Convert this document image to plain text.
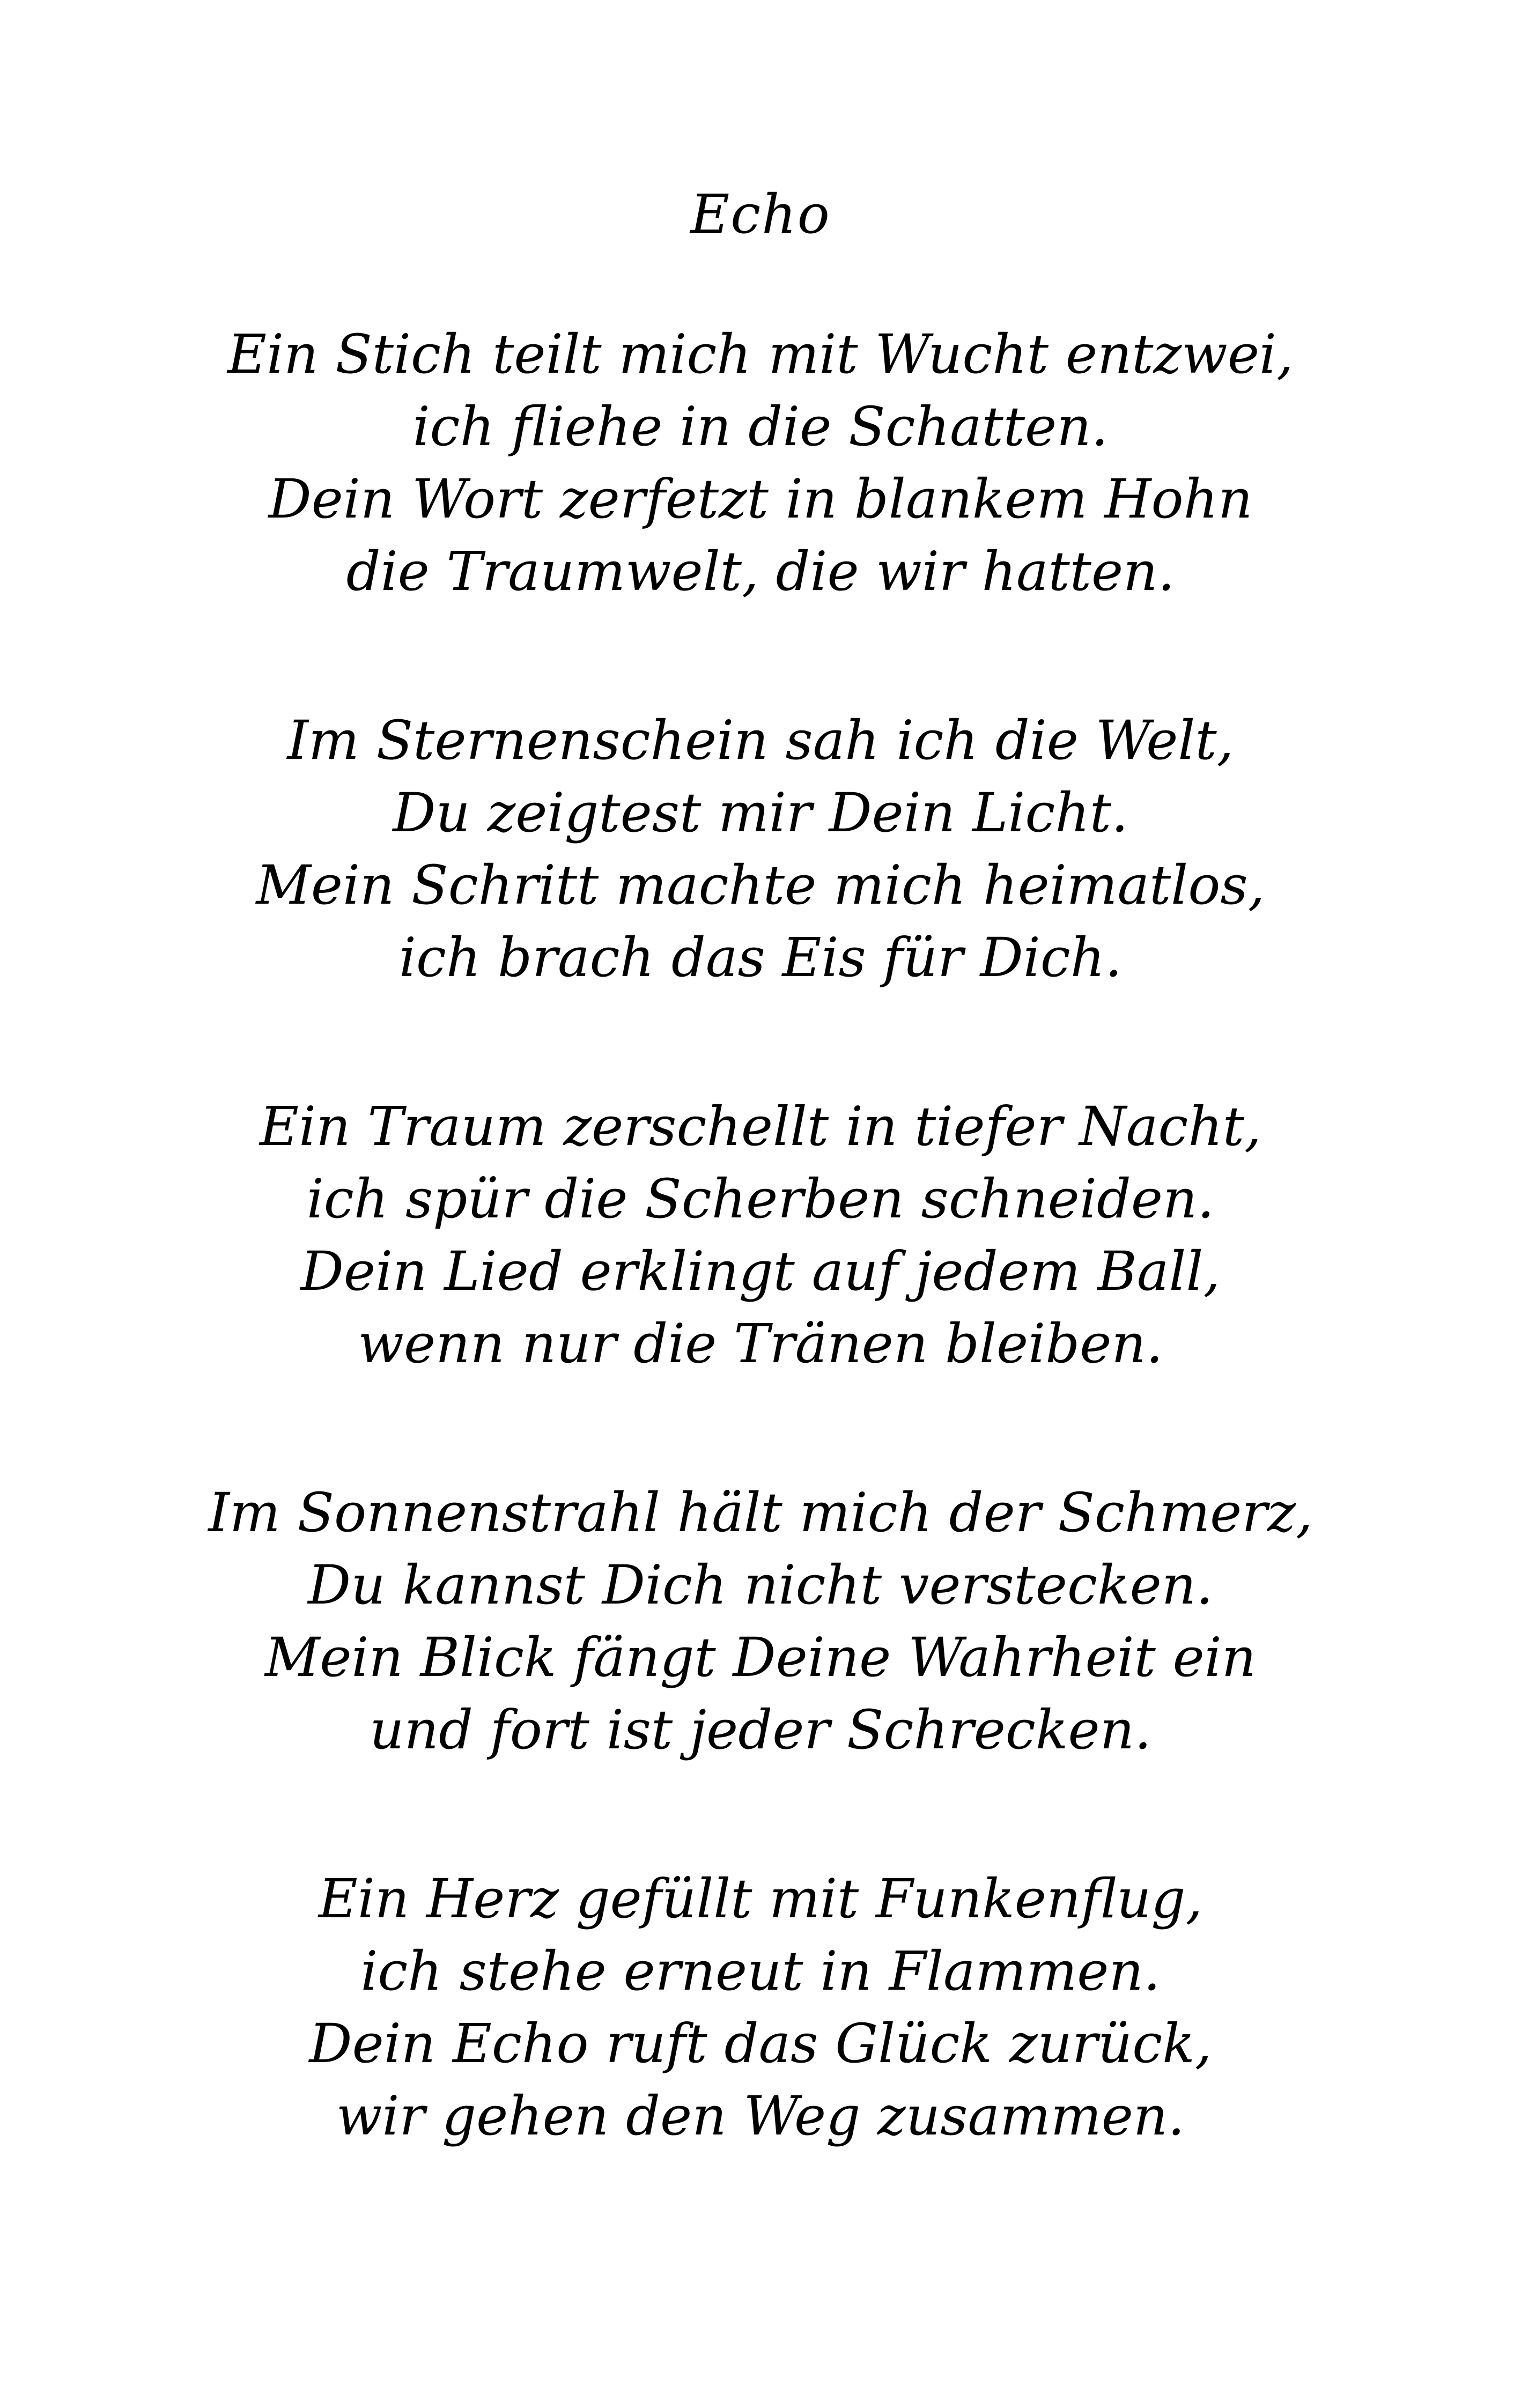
Echo
Ein Stich teilt mich mit Wucht entzwei,
ich fliehe in die Schatten.
Dein Wort zerfetzt in blankem Hohn
die Traumwelt, die wir hatten.
Im Sternenschein sah ich die Welt,
Du zeigtest mir Dein Licht.
Mein Schritt machte mich heimatlos,
ich brach das Eis für Dich.
Ein Traum zerschellt in tiefer Nacht,
ich spür die Scherben schneiden.
Dein Lied erklingt auf jedem Ball,
wenn nur die Tränen bleiben.
Im Sonnenstrahl hält mich der Schmerz,
Du kannst Dich nicht verstecken.
Mein Blick fängt Deine Wahrheit ein
und fort ist jeder Schrecken.
Ein Herz gefüllt mit Funkenflug,
ich stehe erneut in Flammen.
Dein Echo ruft das Glück zurück,
wir gehen den Weg zusammen.
